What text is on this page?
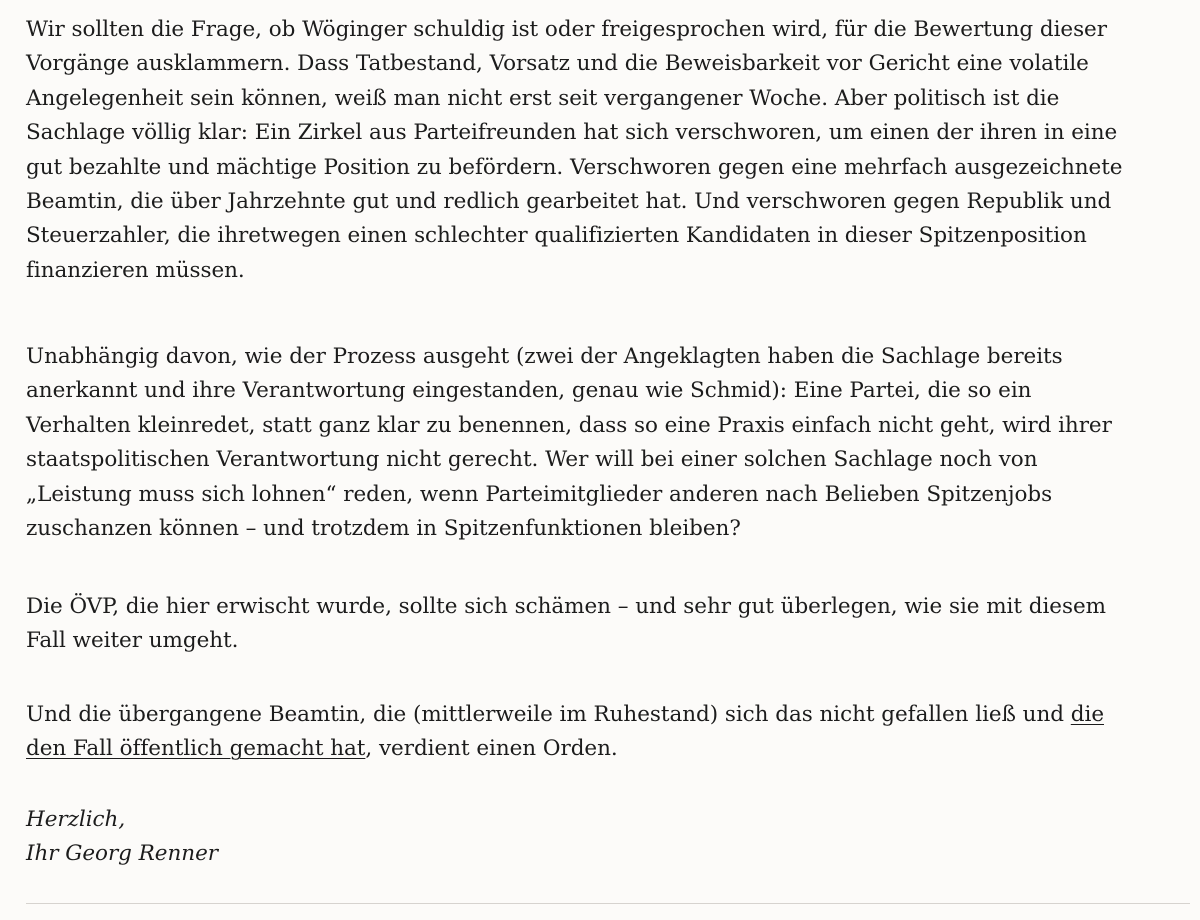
Wir sollten die Frage, ob Wöginger schuldig ist oder freigesprochen wird, für die Bewertung dieser
Vorgänge ausklammern. Dass Tatbestand, Vorsatz und die Beweisbarkeit vor Gericht eine volatile
Angelegenheit sein können, weiß man nicht erst seit vergangener Woche. Aber politisch ist die
Sachlage völlig klar: Ein Zirkel aus Parteifreunden hat sich verschworen, um einen der ihren in eine
gut bezahlte und mächtige Position zu befördern. Verschworen gegen eine mehrfach ausgezeichnete
Beamtin, die über Jahrzehnte gut und redlich gearbeitet hat. Und verschworen gegen Republik und
Steuerzahler, die ihretwegen einen schlechter qualifizierten Kandidaten in dieser Spitzenposition
finanzieren müssen.

Unabhängig davon, wie der Prozess ausgeht (zwei der Angeklagten haben die Sachlage bereits
anerkannt und ihre Verantwortung eingestanden, genau wie Schmid): Eine Partei, die so ein
Verhalten kleinredet, statt ganz klar zu benennen, dass so eine Praxis einfach nicht geht, wird ihrer
staatspolitischen Verantwortung nicht gerecht. Wer will bei einer solchen Sachlage noch von
„Leistung muss sich lohnen“ reden, wenn Parteimitglieder anderen nach Belieben Spitzenjobs
zuschanzen können – und trotzdem in Spitzenfunktionen bleiben?

Die ÖVP, die hier erwischt wurde, sollte sich schämen – und sehr gut überlegen, wie sie mit diesem
Fall weiter umgeht.

Und die übergangene Beamtin, die (mittlerweile im Ruhestand) sich das nicht gefallen ließ und die
den Fall öffentlich gemacht hat, verdient einen Orden.

Herzlich,
Ihr Georg Renner
